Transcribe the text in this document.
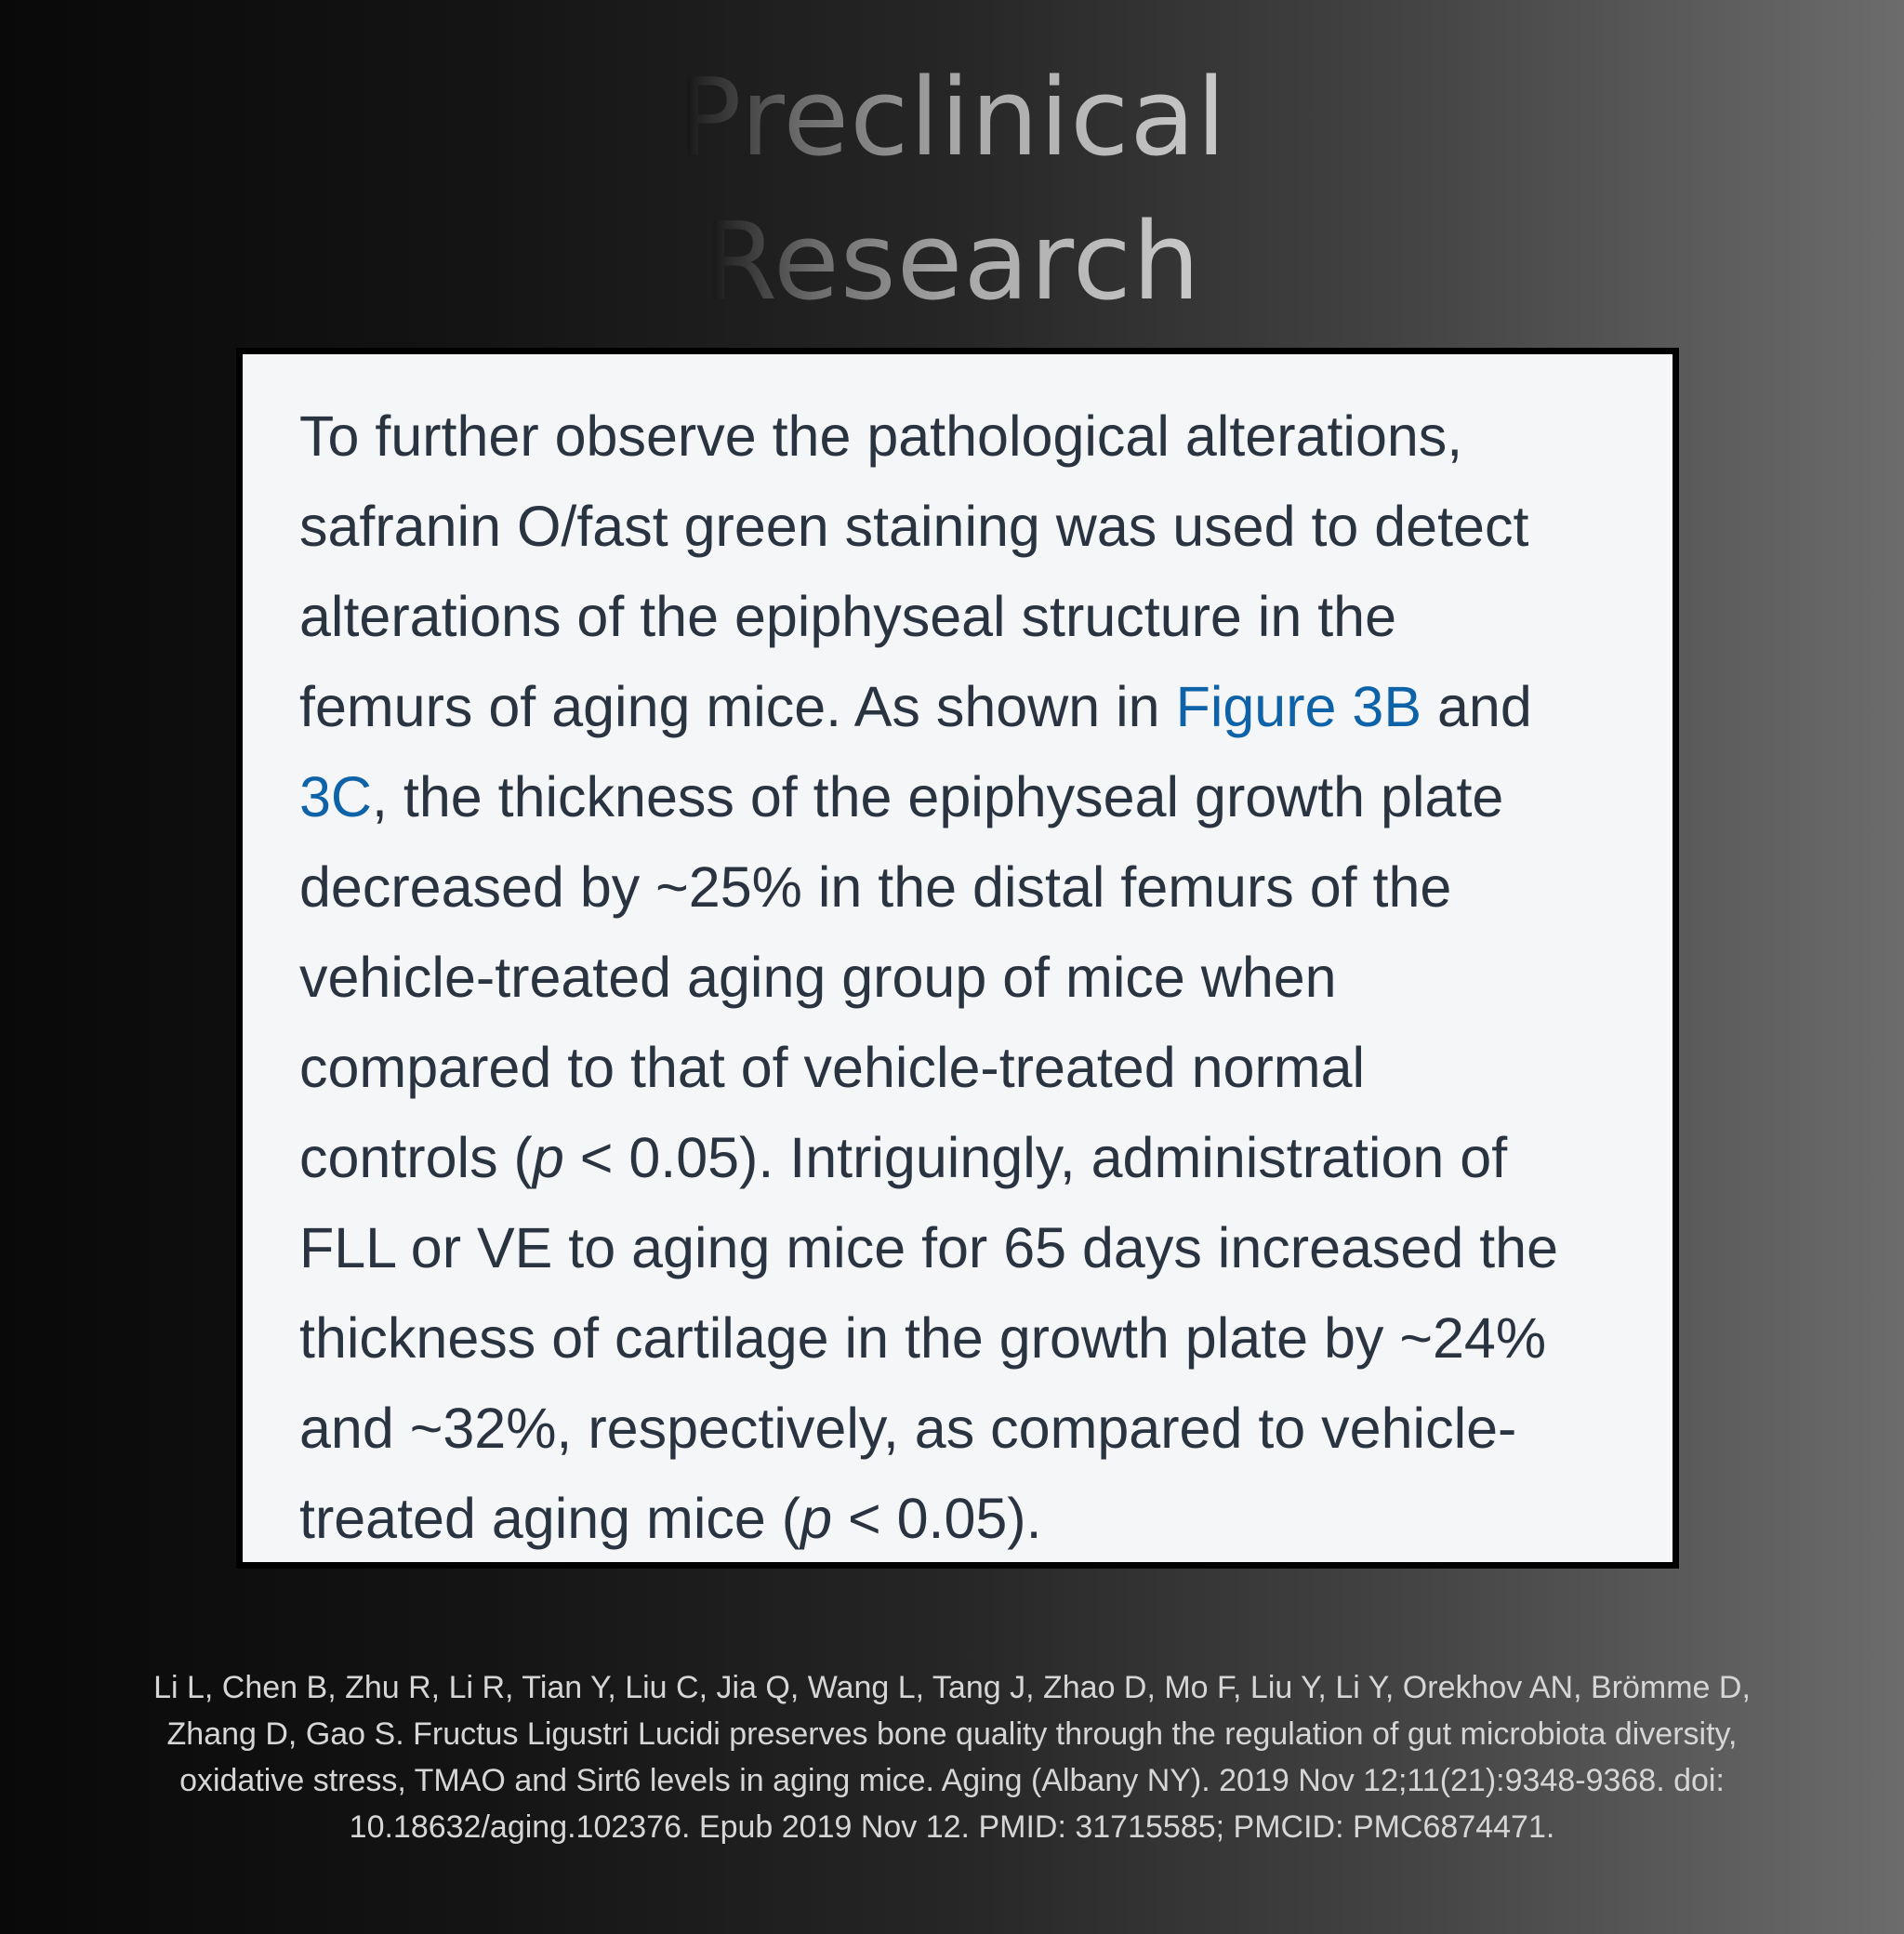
Preclinical
Research

To further observe the pathological alterations,
safranin O/fast green staining was used to detect
alterations of the epiphyseal structure in the
femurs of aging mice. As shown in Figure 3B and
3C, the thickness of the epiphyseal growth plate
decreased by ~25% in the distal femurs of the
vehicle-treated aging group of mice when
compared to that of vehicle-treated normal
controls (p < 0.05). Intriguingly, administration of
FLL or VE to aging mice for 65 days increased the
thickness of cartilage in the growth plate by ~24%
and ~32%, respectively, as compared to vehicle-
treated aging mice (p < 0.05).

Li L, Chen B, Zhu R, Li R, Tian Y, Liu C, Jia Q, Wang L, Tang J, Zhao D, Mo F, Liu Y, Li Y, Orekhov AN, Brömme D, Zhang D, Gao S. Fructus Ligustri Lucidi preserves bone quality through the regulation of gut microbiota diversity, oxidative stress, TMAO and Sirt6 levels in aging mice. Aging (Albany NY). 2019 Nov 12;11(21):9348-9368. doi: 10.18632/aging.102376. Epub 2019 Nov 12. PMID: 31715585; PMCID: PMC6874471.
